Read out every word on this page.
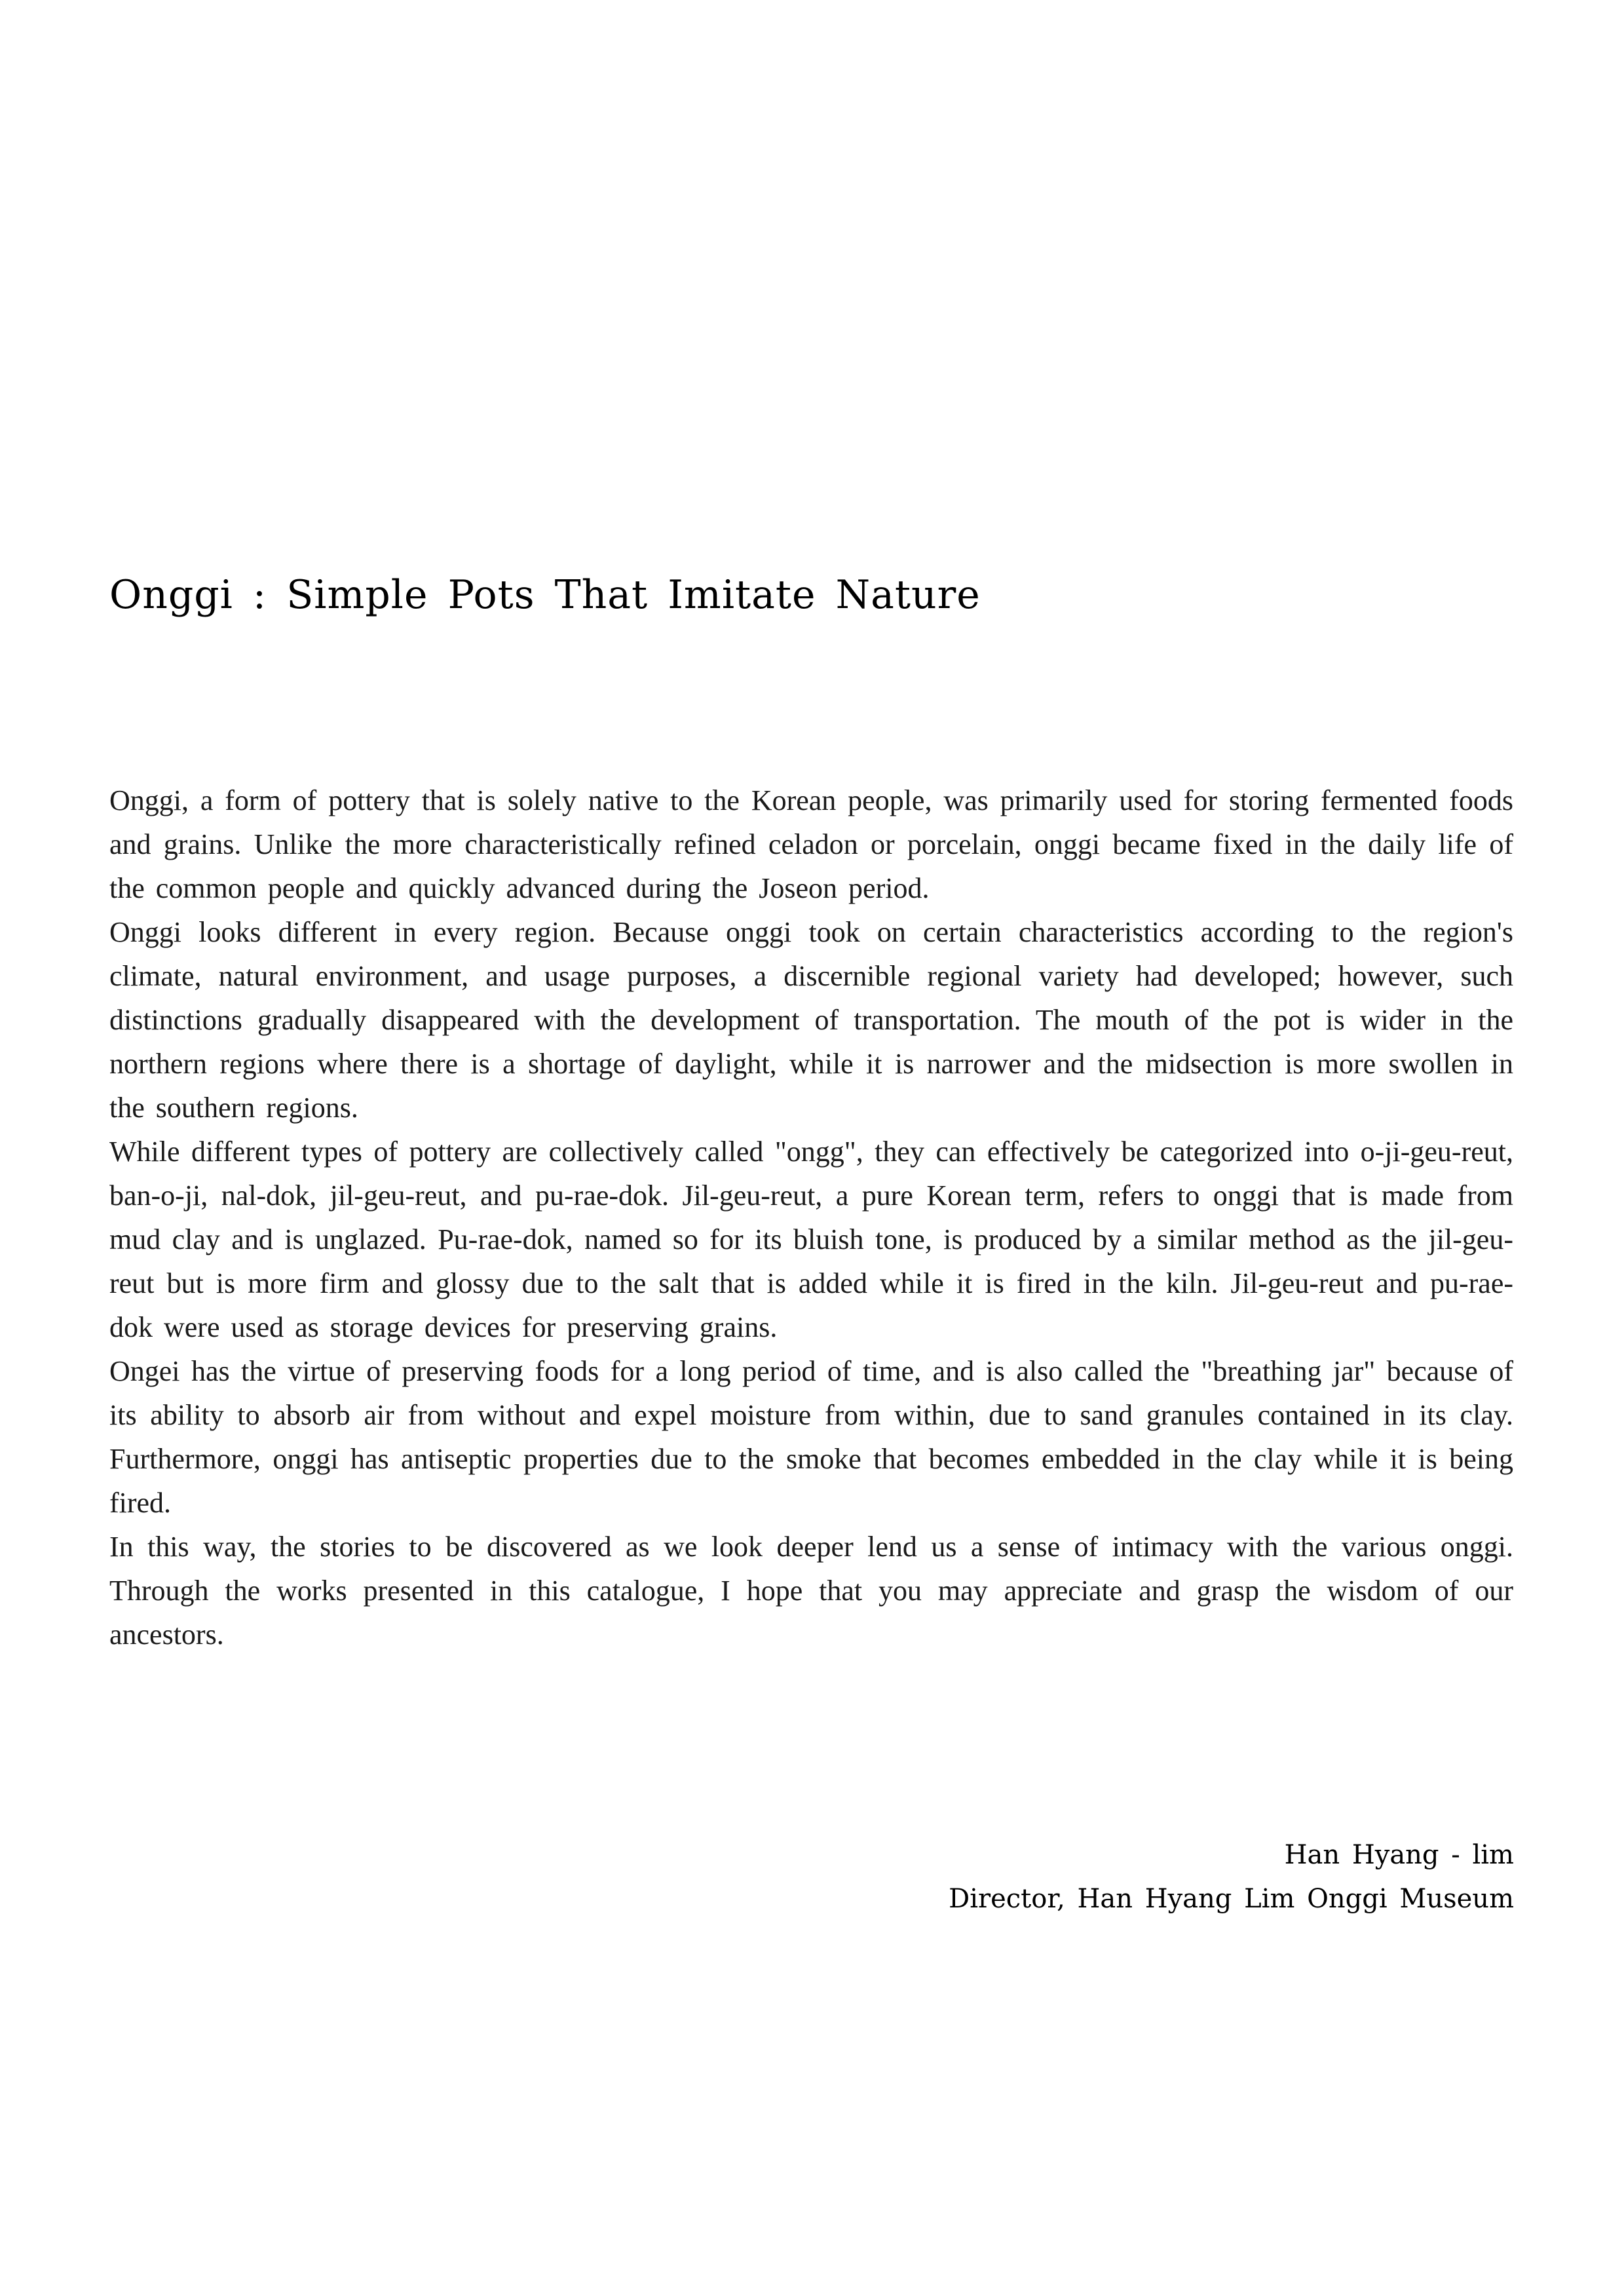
Onggi : Simple Pots That Imitate Nature

Onggi, a form of pottery that is solely native to the Korean people, was primarily used for storing fermented foods and grains. Unlike the more characteristically refined celadon or porcelain, onggi became fixed in the daily life of the common people and quickly advanced during the Joseon period.

Onggi looks different in every region. Because onggi took on certain characteristics according to the region's climate, natural environment, and usage purposes, a discernible regional variety had developed; however, such distinctions gradually disappeared with the development of transportation. The mouth of the pot is wider in the northern regions where there is a shortage of daylight, while it is narrower and the midsection is more swollen in the southern regions.

While different types of pottery are collectively called "ongg", they can effectively be categorized into o-ji-geu-reut, ban-o-ji, nal-dok, jil-geu-reut, and pu-rae-dok. Jil-geu-reut, a pure Korean term, refers to onggi that is made from mud clay and is unglazed. Pu-rae-dok, named so for its bluish tone, is produced by a similar method as the jil-geu-reut but is more firm and glossy due to the salt that is added while it is fired in the kiln. Jil-geu-reut and pu-rae-dok were used as storage devices for preserving grains.

Ongei has the virtue of preserving foods for a long period of time, and is also called the "breathing jar" because of its ability to absorb air from without and expel moisture from within, due to sand granules contained in its clay. Furthermore, onggi has antiseptic properties due to the smoke that becomes embedded in the clay while it is being fired.

In this way, the stories to be discovered as we look deeper lend us a sense of intimacy with the various onggi. Through the works presented in this catalogue, I hope that you may appreciate and grasp the wisdom of our ancestors.

Han Hyang - lim
Director, Han Hyang Lim Onggi Museum
